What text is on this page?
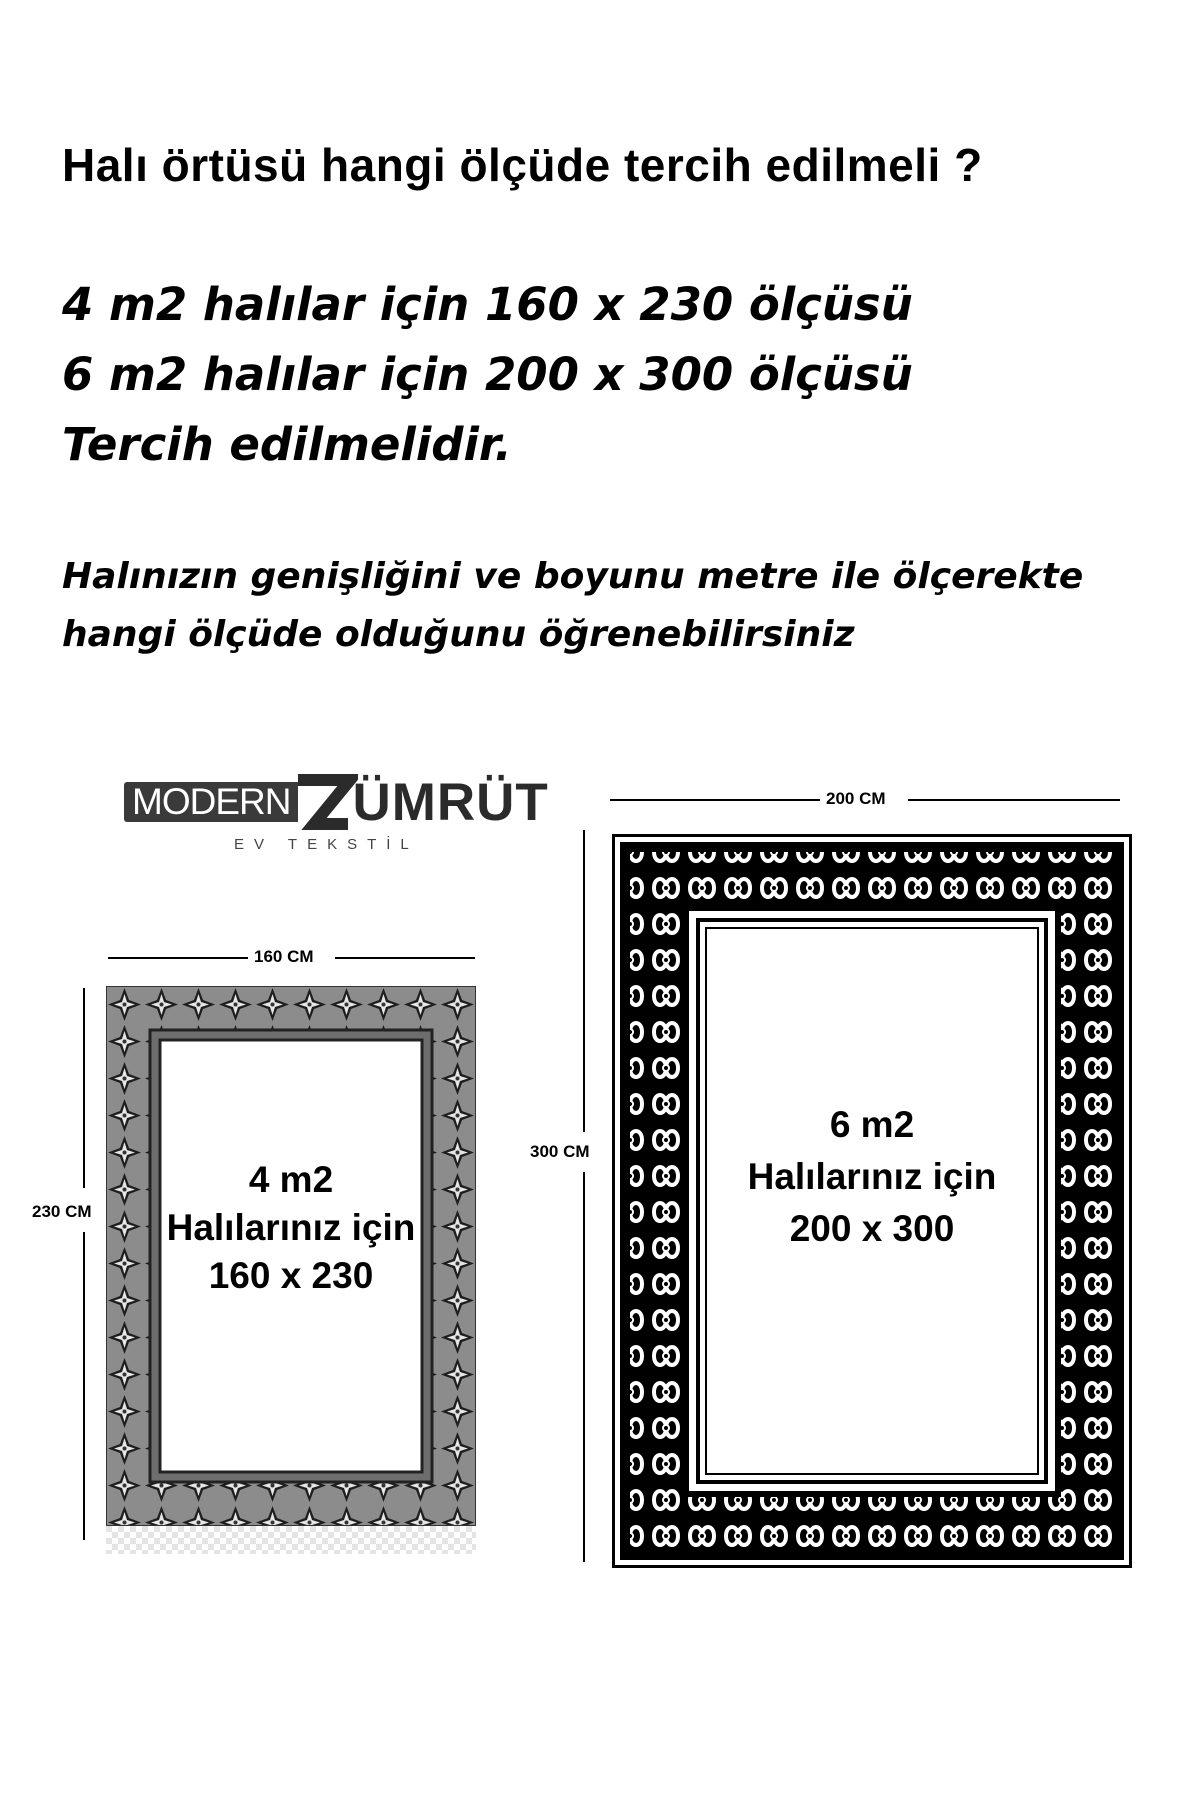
Halı örtüsü hangi ölçüde tercih edilmeli ?
4 m2 halılar için 160 x 230 ölçüsü
6 m2 halılar için 200 x 300 ölçüsü
Tercih edilmelidir.
Halınızın genişliğini ve boyunu metre ile ölçerekte
hangi ölçüde olduğunu öğrenebilirsiniz
MODERN ÜMRÜT
EV TEKSTİL
160 CM
230 CM
4 m2
Halılarınız için
160 x 230
200 CM
300 CM
6 m2
Halılarınız için
200 x 300
